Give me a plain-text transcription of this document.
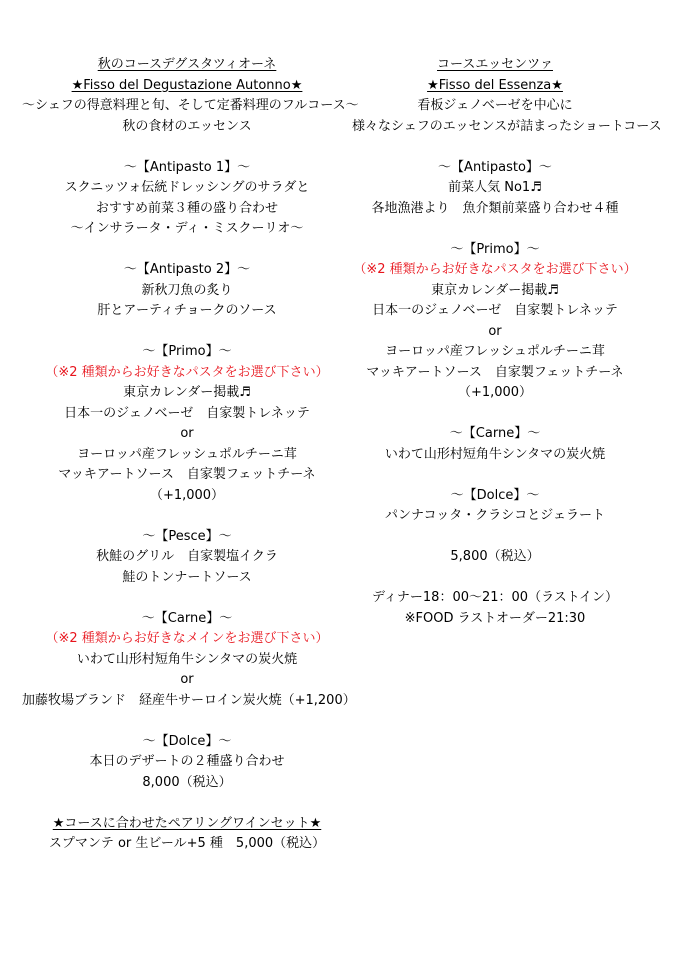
秋のコースデグスタツィオーネ
★Fisso del Degustazione Autonno★
～シェフの得意料理と旬、そして定番料理のフルコース～
秋の食材のエッセンス
～【Antipasto 1】～
スクニッツォ伝統ドレッシングのサラダと
おすすめ前菜３種の盛り合わせ
～インサラータ・ディ・ミスクーリオ～
～【Antipasto 2】～
新秋刀魚の炙り
肝とアーティチョークのソース
～【Primo】～
（※2 種類からお好きなパスタをお選び下さい）
東京カレンダー掲載♬
日本一のジェノベーゼ　自家製トレネッテ
or
ヨーロッパ産フレッシュポルチーニ茸
マッキアートソース　自家製フェットチーネ
（+1,000）
～【Pesce】～
秋鮭のグリル　自家製塩イクラ
鮭のトンナートソース
～【Carne】～
（※2 種類からお好きなメインをお選び下さい）
いわて山形村短角牛シンタマの炭火焼
or
加藤牧場ブランド　経産牛サーロイン炭火焼（+1,200）
～【Dolce】～
本日のデザートの２種盛り合わせ
8,000（税込）
★コースに合わせたペアリングワインセット★
スプマンテ or 生ビール+5 種　5,000（税込）
コースエッセンツァ
★Fisso del Essenza★
看板ジェノベーゼを中心に
様々なシェフのエッセンスが詰まったショートコース
～【Antipasto】～
前菜人気 No1♬
各地漁港より　魚介類前菜盛り合わせ４種
～【Primo】～
（※2 種類からお好きなパスタをお選び下さい）
東京カレンダー掲載♬
日本一のジェノベーゼ　自家製トレネッテ
or
ヨーロッパ産フレッシュポルチーニ茸
マッキアートソース　自家製フェットチーネ
（+1,000）
～【Carne】～
いわて山形村短角牛シンタマの炭火焼
～【Dolce】～
パンナコッタ・クラシコとジェラート
5,800（税込）
ディナー18：00～21：00（ラストイン）
※FOOD ラストオーダー21:30
